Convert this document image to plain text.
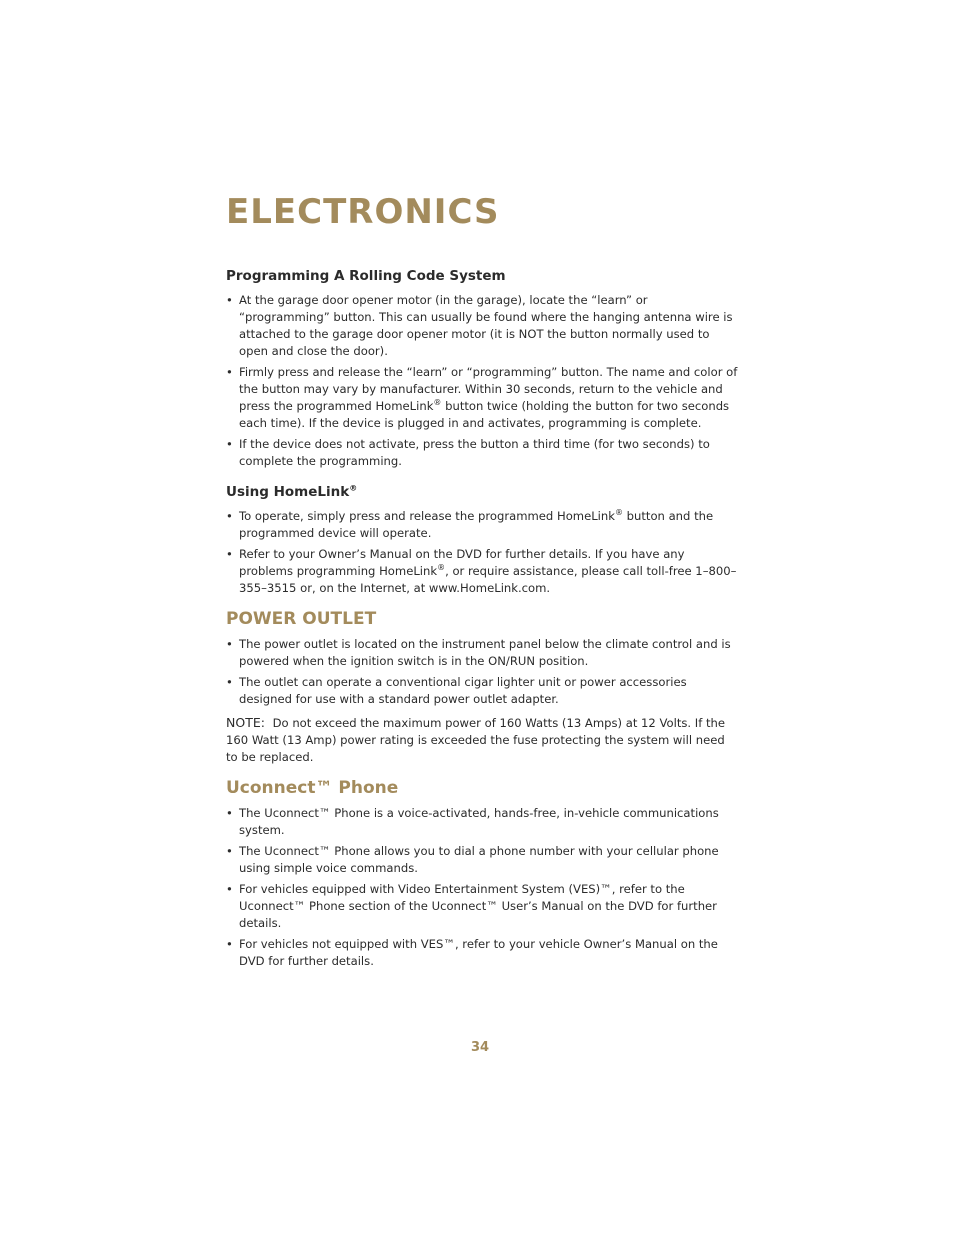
ELECTRONICS
Programming A Rolling Code System
• At the garage door opener motor (in the garage), locate the “learn” or “programming” button. This can usually be found where the hanging antenna wire is attached to the garage door opener motor (it is NOT the button normally used to open and close the door).
• Firmly press and release the “learn” or “programming” button. The name and color of the button may vary by manufacturer. Within 30 seconds, return to the vehicle and press the programmed HomeLink® button twice (holding the button for two seconds each time). If the device is plugged in and activates, programming is complete.
• If the device does not activate, press the button a third time (for two seconds) to complete the programming.
Using HomeLink®
• To operate, simply press and release the programmed HomeLink® button and the programmed device will operate.
• Refer to your Owner’s Manual on the DVD for further details. If you have any problems programming HomeLink®, or require assistance, please call toll-free 1–800–355–3515 or, on the Internet, at www.HomeLink.com.
POWER OUTLET
• The power outlet is located on the instrument panel below the climate control and is powered when the ignition switch is in the ON/RUN position.
• The outlet can operate a conventional cigar lighter unit or power accessories designed for use with a standard power outlet adapter.

NOTE: Do not exceed the maximum power of 160 Watts (13 Amps) at 12 Volts. If the 160 Watt (13 Amp) power rating is exceeded the fuse protecting the system will need to be replaced.

Uconnect™ Phone
• The Uconnect™ Phone is a voice-activated, hands-free, in-vehicle communications system.
• The Uconnect™ Phone allows you to dial a phone number with your cellular phone using simple voice commands.
• For vehicles equipped with Video Entertainment System (VES)™, refer to the Uconnect™ Phone section of the Uconnect™ User’s Manual on the DVD for further details.
• For vehicles not equipped with VES™, refer to your vehicle Owner’s Manual on the DVD for further details.
34
